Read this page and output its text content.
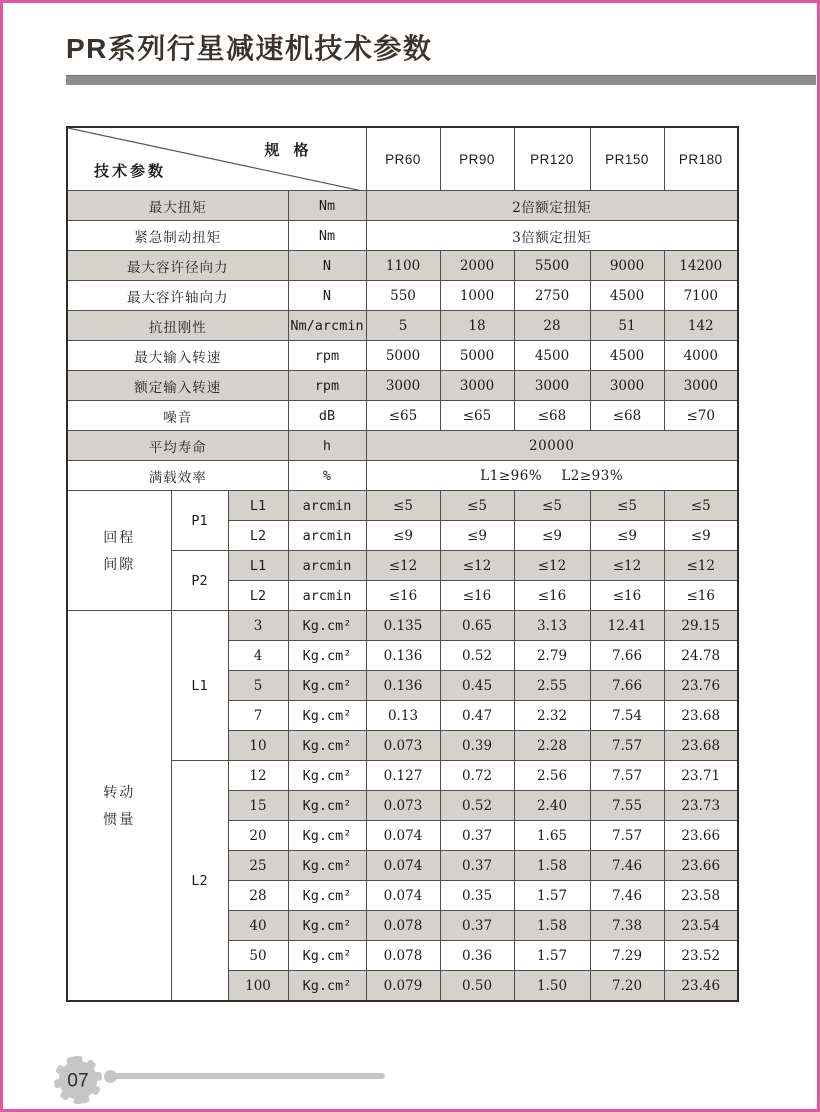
PR系列行星减速机技术参数
规 格
技术参数				PR60	PR90	PR120	PR150	PR180
最大扭矩			Nm	2倍额定扭矩				
紧急制动扭矩			Nm	3倍额定扭矩				
最大容许径向力			N	1100	2000	5500	9000	14200
最大容许轴向力			N	550	1000	2750	4500	7100
抗扭刚性			Nm/arcmin	5	18	28	51	142
最大输入转速			rpm	5000	5000	4500	4500	4000
额定输入转速			rpm	3000	3000	3000	3000	3000
噪音			dB	≤65	≤65	≤68	≤68	≤70
平均寿命			h	20000				
满载效率			%	L1≥96%    L2≥93%				
回程间隙	P1	L1	arcmin	≤5	≤5	≤5	≤5	≤5
		L2	arcmin	≤9	≤9	≤9	≤9	≤9
	P2	L1	arcmin	≤12	≤12	≤12	≤12	≤12
		L2	arcmin	≤16	≤16	≤16	≤16	≤16
转动惯量	L1	3	Kg.cm²	0.135	0.65	3.13	12.41	29.15
		4	Kg.cm²	0.136	0.52	2.79	7.66	24.78
		5	Kg.cm²	0.136	0.45	2.55	7.66	23.76
		7	Kg.cm²	0.13	0.47	2.32	7.54	23.68
		10	Kg.cm²	0.073	0.39	2.28	7.57	23.68
	L2	12	Kg.cm²	0.127	0.72	2.56	7.57	23.71
		15	Kg.cm²	0.073	0.52	2.40	7.55	23.73
		20	Kg.cm²	0.074	0.37	1.65	7.57	23.66
		25	Kg.cm²	0.074	0.37	1.58	7.46	23.66
		28	Kg.cm²	0.074	0.35	1.57	7.46	23.58
		40	Kg.cm²	0.078	0.37	1.58	7.38	23.54
		50	Kg.cm²	0.078	0.36	1.57	7.29	23.52
		100	Kg.cm²	0.079	0.50	1.50	7.20	23.46
07
